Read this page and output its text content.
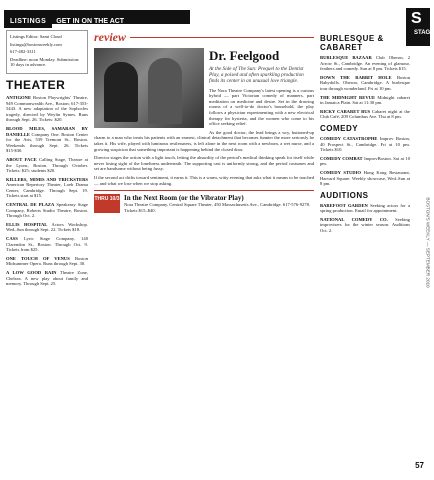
LISTINGS GET IN ON THE ACT	S
STAGE

Listings Editor: Sami Cloud

listings@bostonweekly.com

617-482-3311

Deadline: noon Monday. Submission: 10 days in advance.

THEATER

ANTIGONE Boston Playwrights' Theatre, 949 Commonwealth Ave., Boston; 617-353-5443. A new adaptation of the Sophocles tragedy, directed by Weylin Symes. Runs through Sept. 26. Tickets: $20.

BLOOD MILES, SAMARAN BY DANIELLE Company One. Boston Center for the Arts, 539 Tremont St., Boston. Weekends through Sept. 26. Tickets $15-$30.

ABOUT FACE Calling Stage, Theatre at the Lyons, Boston. Through October. Tickets: $25; students $20.

KILLERS, MIMIS AND TRICKSTERS American Repertory Theater, Loeb Drama Center, Cambridge. Through Sept. 19. Tickets start at $15.

CENTRAL DE PLAZA Speakeasy Stage Company, Roberts Studio Theatre, Boston. Through Oct. 2.

ELLIS HOSPITAL Actors Workshop. Wed–Sun through Sept. 22. Tickets $18.

CASS Lyric Stage Company, 140 Clarendon St., Boston. Through Oct. 9. Tickets from $25.

ONE TOUCH OF VENUS Boston Midsummer Opera. Runs through Sept. 30.

A LOW GOOD RAIN Theatre Zone, Chelsea. A new play about family and memory. Through Sept. 25.

review
Dr. Feelgood
At the Side of The Sun: Prequel to the Dentist Play, a poised and often sparkling production finds its center in an unusual love triangle.

The Nora Theatre Company's latest opening is a curious hybrid — part Victorian comedy of manners, part meditation on medicine and desire. Set in the drawing rooms of a well-to-do doctor's household, the play follows a physician experimenting with a new electrical therapy for hysteria, and the women who come to his office seeking relief.

As the good doctor, the lead brings a wry, buttoned-up charm to a man who treats his patients with an earnest, clinical detachment that becomes funnier the more seriously he takes it. His wife, played with luminous restlessness, is left alone in the next room with a newborn, a wet nurse, and a growing suspicion that something important is happening behind the closed door.

Director stages the action with a light touch, letting the absurdity of the period's medical thinking speak for itself while never losing sight of the loneliness underneath. The supporting cast is uniformly strong, and the period costumes and set are handsome without being fussy.

If the second act drifts toward sentiment, it earns it. This is a warm, witty evening that asks what it means to be touched — and what we lose when we stop asking.

THRU 10/3 In the Next Room (or the Vibrator Play)
Nora Theatre Company, Central Square Theater, 450 Massachusetts Ave., Cambridge. 617-576-9278. Tickets $15–$40.
BURLESQUE & CABARET

BURLESQUE BAZAAR Club Oberon, 2 Arrow St., Cambridge. An evening of glamour, feathers and comedy. Sun at 8 pm. Tickets $15.

DOWN THE RABBIT HOLE Boston Babydolls. Oberon, Cambridge. A burlesque tour through wonderland. Fri at 10 pm.

THE MIDNIGHT REVUE Midnight cabaret in Jamaica Plain. Sat at 11:30 pm.

RICKY CABARET BUS Cabaret night at the Club Café, 209 Columbus Ave. Thu at 8 pm.

COMEDY

COMEDY CATASTROPHE Improv Boston, 40 Prospect St., Cambridge. Fri at 10 pm. Tickets $10.

COMEDY COMBAT ImprovBoston. Sat at 10 pm.

COMEDY STUDIO Hong Kong Restaurant, Harvard Square. Weekly showcase, Wed–Sun at 8 pm.

AUDITIONS

BAREFOOT GARDEN Seeking actors for a spring production. Email for appointment.

NATIONAL COMEDY CO. Seeking improvisers for the winter season. Auditions Oct. 2.	BOSTON'S WEEKLY — SEPTEMBER 2010
57
